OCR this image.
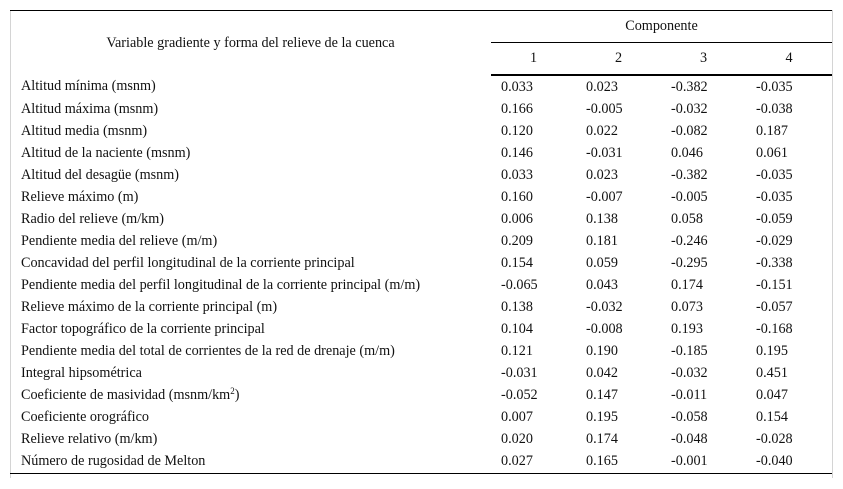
Variable gradiente y forma del relieve de la cuenca	Componente			
	1	2	3	4
Altitud mínima (msnm)	0.033	0.023	-0.382	-0.035
Altitud máxima (msnm)	0.166	-0.005	-0.032	-0.038
Altitud media (msnm)	0.120	0.022	-0.082	0.187
Altitud de la naciente (msnm)	0.146	-0.031	0.046	0.061
Altitud del desagüe (msnm)	0.033	0.023	-0.382	-0.035
Relieve máximo (m)	0.160	-0.007	-0.005	-0.035
Radio del relieve (m/km)	0.006	0.138	0.058	-0.059
Pendiente media del relieve (m/m)	0.209	0.181	-0.246	-0.029
Concavidad del perfil longitudinal de la corriente principal	0.154	0.059	-0.295	-0.338
Pendiente media del perfil longitudinal de la corriente principal (m/m)	-0.065	0.043	0.174	-0.151
Relieve máximo de la corriente principal (m)	0.138	-0.032	0.073	-0.057
Factor topográfico de la corriente principal	0.104	-0.008	0.193	-0.168
Pendiente media del total de corrientes de la red de drenaje (m/m)	0.121	0.190	-0.185	0.195
Integral hipsométrica	-0.031	0.042	-0.032	0.451
Coeficiente de masividad $(msnm/km^2)$	-0.052	0.147	-0.011	0.047
Coeficiente orográfico	0.007	0.195	-0.058	0.154
Relieve relativo (m/km)	0.020	0.174	-0.048	-0.028
Número de rugosidad de Melton	0.027	0.165	-0.001	-0.040
